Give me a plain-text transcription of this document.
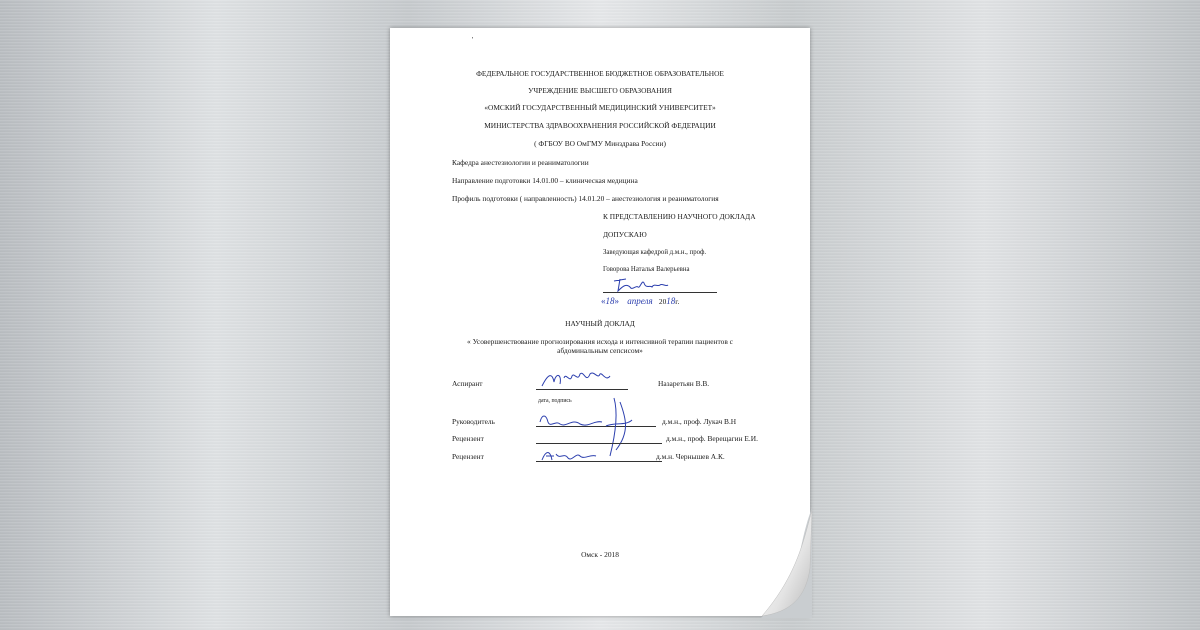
'
ФЕДЕРАЛЬНОЕ ГОСУДАРСТВЕННОЕ БЮДЖЕТНОЕ ОБРАЗОВАТЕЛЬНОЕ
УЧРЕЖДЕНИЕ ВЫСШЕГО ОБРАЗОВАНИЯ
«ОМСКИЙ ГОСУДАРСТВЕННЫЙ МЕДИЦИНСКИЙ УНИВЕРСИТЕТ»
МИНИСТЕРСТВА ЗДРАВООХРАНЕНИЯ РОССИЙСКОЙ ФЕДЕРАЦИИ
( ФГБОУ ВО ОмГМУ Минздрава России)
Кафедра анестезиологии и реаниматологии
Направление подготовки 14.01.00 – клиническая медицина
Профиль подготовки ( направленность) 14.01.20 – анестезиология и реаниматология
К ПРЕДСТАВЛЕНИЮ НАУЧНОГО ДОКЛАДА
ДОПУСКАЮ
Заведующая кафедрой д.м.н., проф.
Говорова Наталья Валерьевна
«18» апреля 2018г.
НАУЧНЫЙ ДОКЛАД
« Усовершенствование прогнозирования исхода и интенсивной терапии пациентов с
абдоминальным сепсисом»
Аспирант	Назаретьян В.В.
дата, подпись
Руководитель	д.м.н., проф. Лукач В.Н
Рецензент	д.м.н., проф. Верещагин Е.И.
Рецензент	д.м.н. Чернышев А.К.
Омск - 2018
